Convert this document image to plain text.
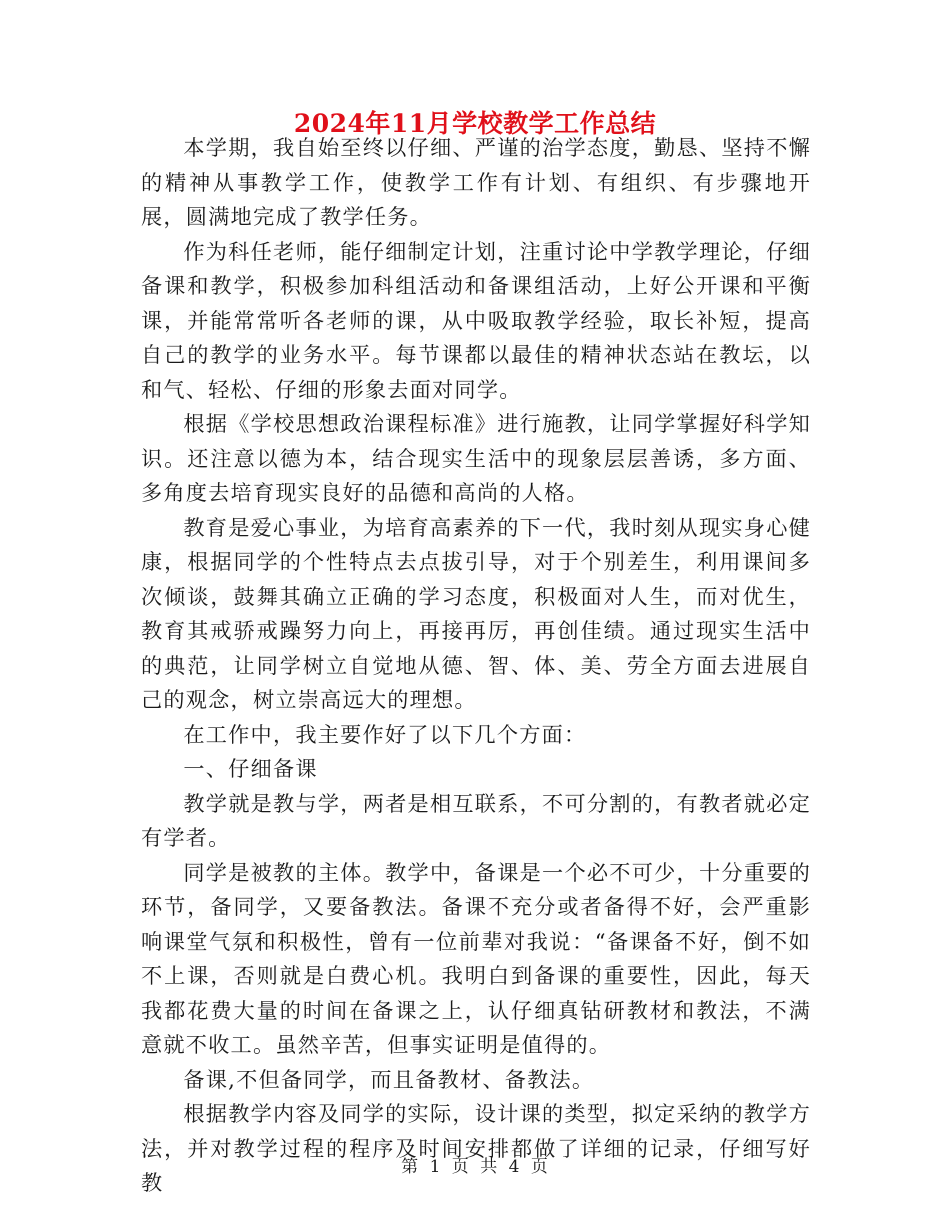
2024年11月学校教学工作总结

本学期，我自始至终以仔细、严谨的治学态度，勤恳、坚持不懈的精神从事教学工作，使教学工作有计划、有组织、有步骤地开展，圆满地完成了教学任务。

作为科任老师，能仔细制定计划，注重讨论中学教学理论，仔细备课和教学，积极参加科组活动和备课组活动，上好公开课和平衡课，并能常常听各老师的课，从中吸取教学经验，取长补短，提高自己的教学的业务水平。每节课都以最佳的精神状态站在教坛，以和气、轻松、仔细的形象去面对同学。

根据《学校思想政治课程标准》进行施教，让同学掌握好科学知识。还注意以德为本，结合现实生活中的现象层层善诱，多方面、多角度去培育现实良好的品德和高尚的人格。

教育是爱心事业，为培育高素养的下一代，我时刻从现实身心健康，根据同学的个性特点去点拔引导，对于个别差生，利用课间多次倾谈，鼓舞其确立正确的学习态度，积极面对人生，而对优生，教育其戒骄戒躁努力向上，再接再厉，再创佳绩。通过现实生活中的典范，让同学树立自觉地从德、智、体、美、劳全方面去进展自己的观念，树立崇高远大的理想。

在工作中，我主要作好了以下几个方面：

一、仔细备课

教学就是教与学，两者是相互联系，不可分割的，有教者就必定有学者。

同学是被教的主体。教学中，备课是一个必不可少，十分重要的环节，备同学，又要备教法。备课不充分或者备得不好，会严重影响课堂气氛和积极性，曾有一位前辈对我说：“备课备不好，倒不如不上课，否则就是白费心机。我明白到备课的重要性，因此，每天我都花费大量的时间在备课之上，认仔细真钻研教材和教法，不满意就不收工。虽然辛苦，但事实证明是值得的。

备课,不但备同学，而且备教材、备教法。

根据教学内容及同学的实际，设计课的类型，拟定采纳的教学方法，并对教学过程的程序及时间安排都做了详细的记录，仔细写好教

第 1 页 共 4 页
